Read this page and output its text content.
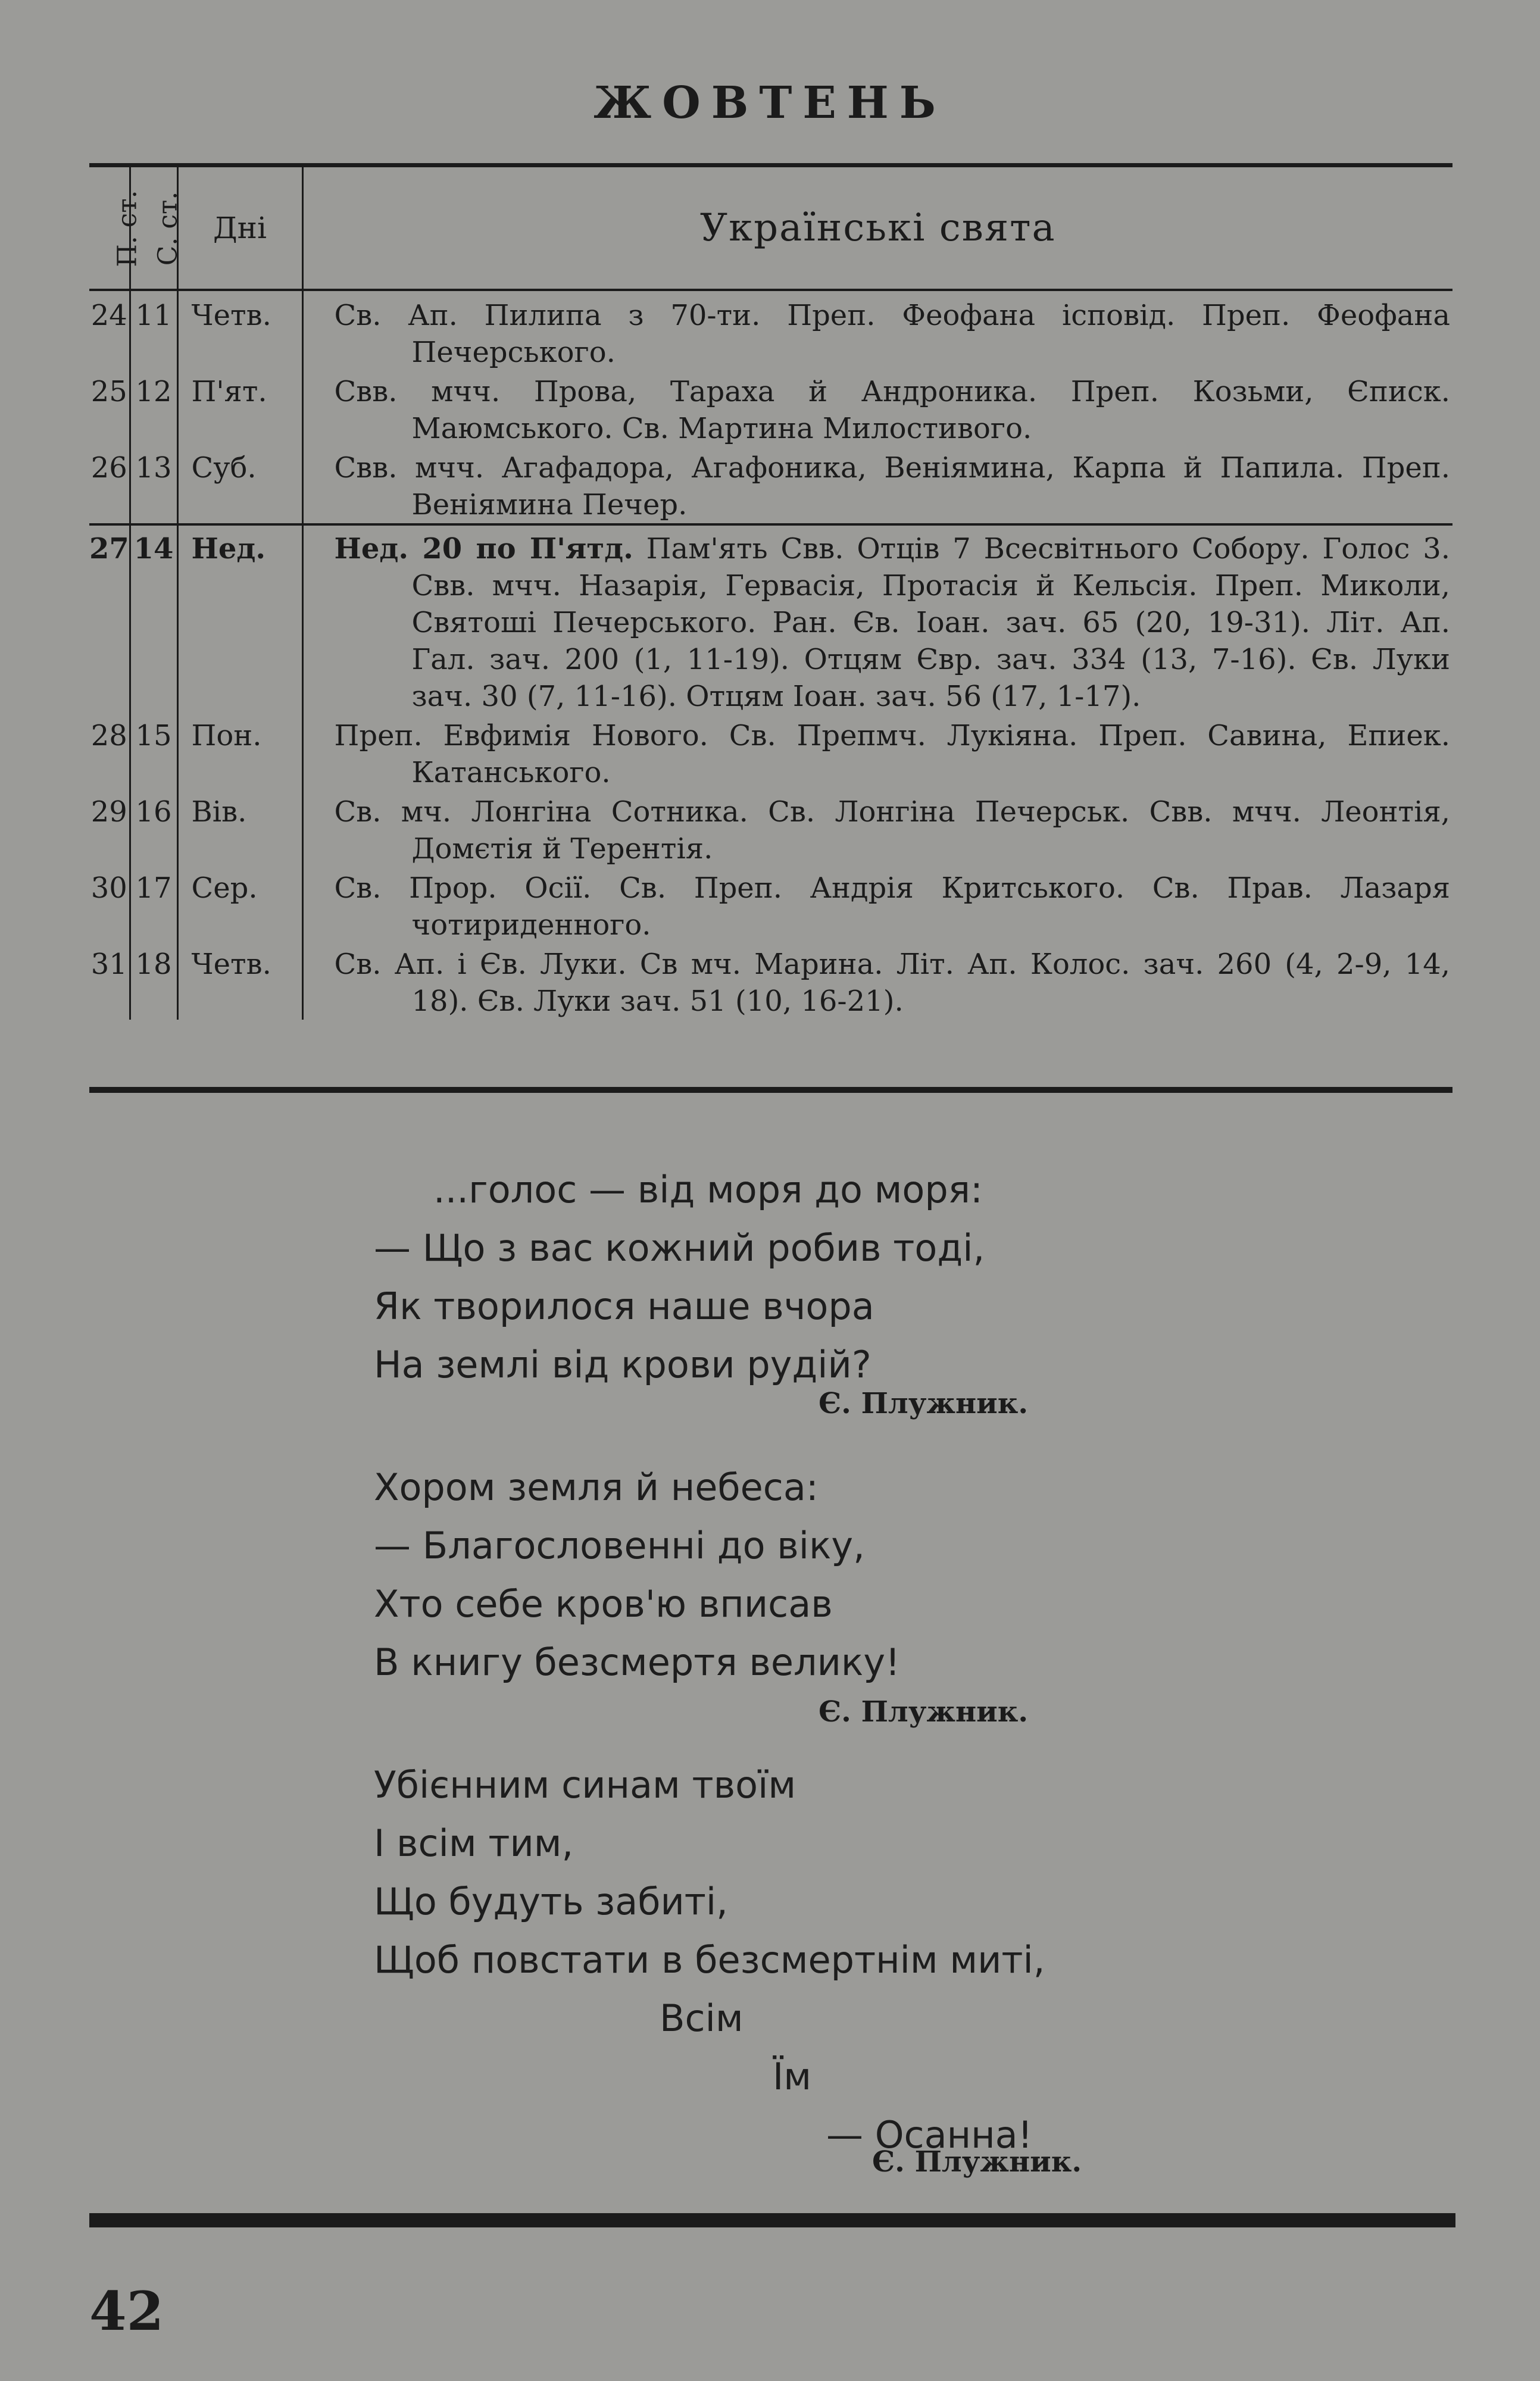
ЖОВТЕНЬ
П. ст.	С. ст.	Дні	Українські свята
24	11	Четв.	Св. Ап. Пилипа з 70-ти. Преп. Феофана ісповід. Преп. Феофана Печерського.

25	12	П'ят.	Свв. мчч. Прова, Тараха й Андроника. Преп. Козьми, Єписк. Маюмського. Св. Мартина Милостивого.

26	13	Суб.	Свв. мчч. Агафадора, Агафоника, Веніямина, Карпа й Папила. Преп. Веніямина Печер.

27	14	Нед.	Нед. 20 по П'ятд. Пам'ять Свв. Отців 7 Всесвітнього Собору. Голос 3. Свв. мчч. Назарія, Гервасія, Протасія й Кельсія. Преп. Миколи, Святоші Печерського. Ран. Єв. Іоан. зач. 65 (20, 19-31). Літ. Ап. Гал. зач. 200 (1, 11-19). Отцям Євр. зач. 334 (13, 7-16). Єв. Луки зач. 30 (7, 11-16). Отцям Іоан. зач. 56 (17, 1-17).

28	15	Пон.	Преп. Евфимія Нового. Св. Препмч. Лукіяна. Преп. Савина, Епиек. Катанського.

29	16	Вів.	Св. мч. Лонгіна Сотника. Св. Лонгіна Печерськ. Свв. мчч. Леонтія, Домєтія й Терентія.

30	17	Сер.	Св. Прор. Осії. Св. Преп. Андрія Критського. Св. Прав. Лазаря чотириденного.

31	18	Четв.	Св. Ап. і Єв. Луки. Св мч. Марина. Літ. Ап. Колос. зач. 260 (4, 2-9, 14, 18). Єв. Луки зач. 51 (10, 16-21).
...голос — від моря до моря:
— Що з вас кожний робив тоді,
Як творилося наше вчора
На землі від крови рудій?
Є. Плужник.
Хором земля й небеса:
— Благословенні до віку,
Хто себе кров'ю вписав
В книгу безсмертя велику!
Є. Плужник.
Убієнним синам твоїм
І всім тим,
Що будуть забиті,
Щоб повстати в безсмертнім миті,
Всім
Їм
— Осанна!
Є. Плужник.
42
